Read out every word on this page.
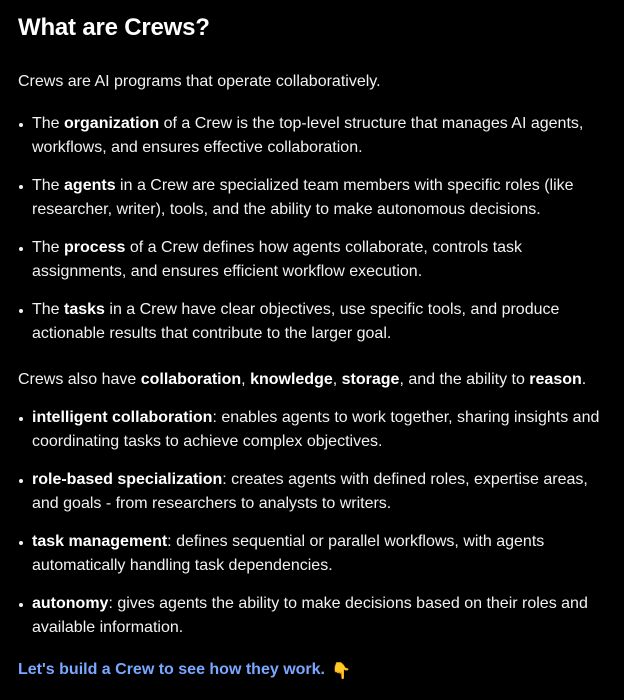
What are Crews?

Crews are AI programs that operate collaboratively.

The organization of a Crew is the top-level structure that manages AI agents, workflows, and ensures effective collaboration.
The agents in a Crew are specialized team members with specific roles (like researcher, writer), tools, and the ability to make autonomous decisions.
The process of a Crew defines how agents collaborate, controls task assignments, and ensures efficient workflow execution.
The tasks in a Crew have clear objectives, use specific tools, and produce actionable results that contribute to the larger goal.

Crews also have collaboration, knowledge, storage, and the ability to reason.

intelligent collaboration: enables agents to work together, sharing insights and coordinating tasks to achieve complex objectives.
role-based specialization: creates agents with defined roles, expertise areas, and goals - from researchers to analysts to writers.
task management: defines sequential or parallel workflows, with agents automatically handling task dependencies.
autonomy: gives agents the ability to make decisions based on their roles and available information.

Let's build a Crew to see how they work. 👇
